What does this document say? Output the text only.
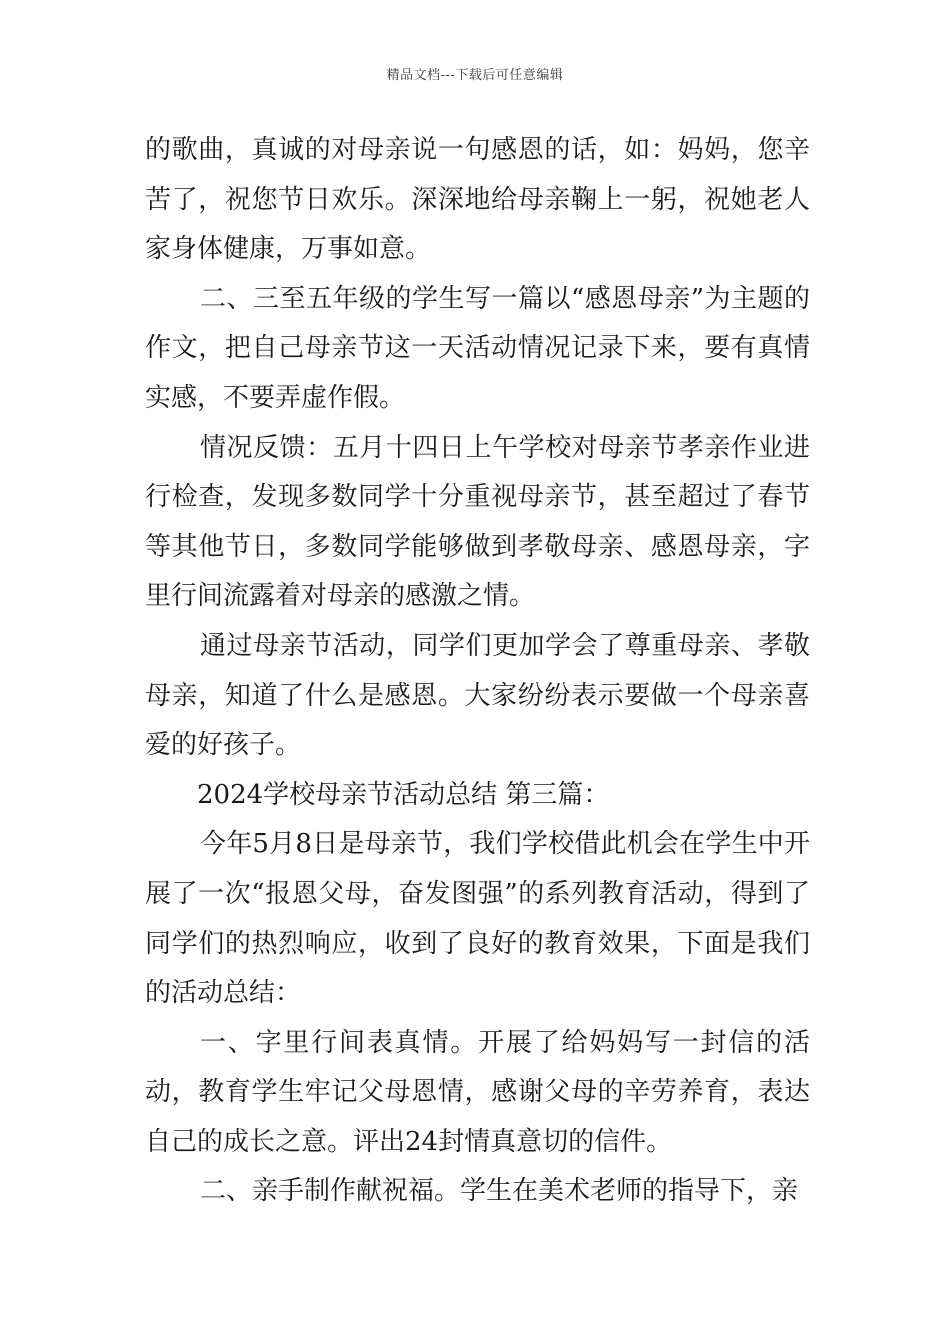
精品文档---下载后可任意编辑

的歌曲，真诚的对母亲说一句感恩的话，如：妈妈，您辛苦了，祝您节日欢乐。深深地给母亲鞠上一躬，祝她老人家身体健康，万事如意。

二、三至五年级的学生写一篇以“感恩母亲”为主题的作文，把自己母亲节这一天活动情况记录下来，要有真情实感，不要弄虚作假。

情况反馈：五月十四日上午学校对母亲节孝亲作业进行检查，发现多数同学十分重视母亲节，甚至超过了春节等其他节日，多数同学能够做到孝敬母亲、感恩母亲，字里行间流露着对母亲的感激之情。

通过母亲节活动，同学们更加学会了尊重母亲、孝敬母亲，知道了什么是感恩。大家纷纷表示要做一个母亲喜爱的好孩子。

2024学校母亲节活动总结 第三篇：

今年5月8日是母亲节，我们学校借此机会在学生中开展了一次“报恩父母，奋发图强”的系列教育活动，得到了同学们的热烈响应，收到了良好的教育效果，下面是我们的活动总结：

一、字里行间表真情。开展了给妈妈写一封信的活动，教育学生牢记父母恩情，感谢父母的辛劳养育，表达自己的成长之意。评出24封情真意切的信件。

二、亲手制作献祝福。学生在美术老师的指导下，亲
